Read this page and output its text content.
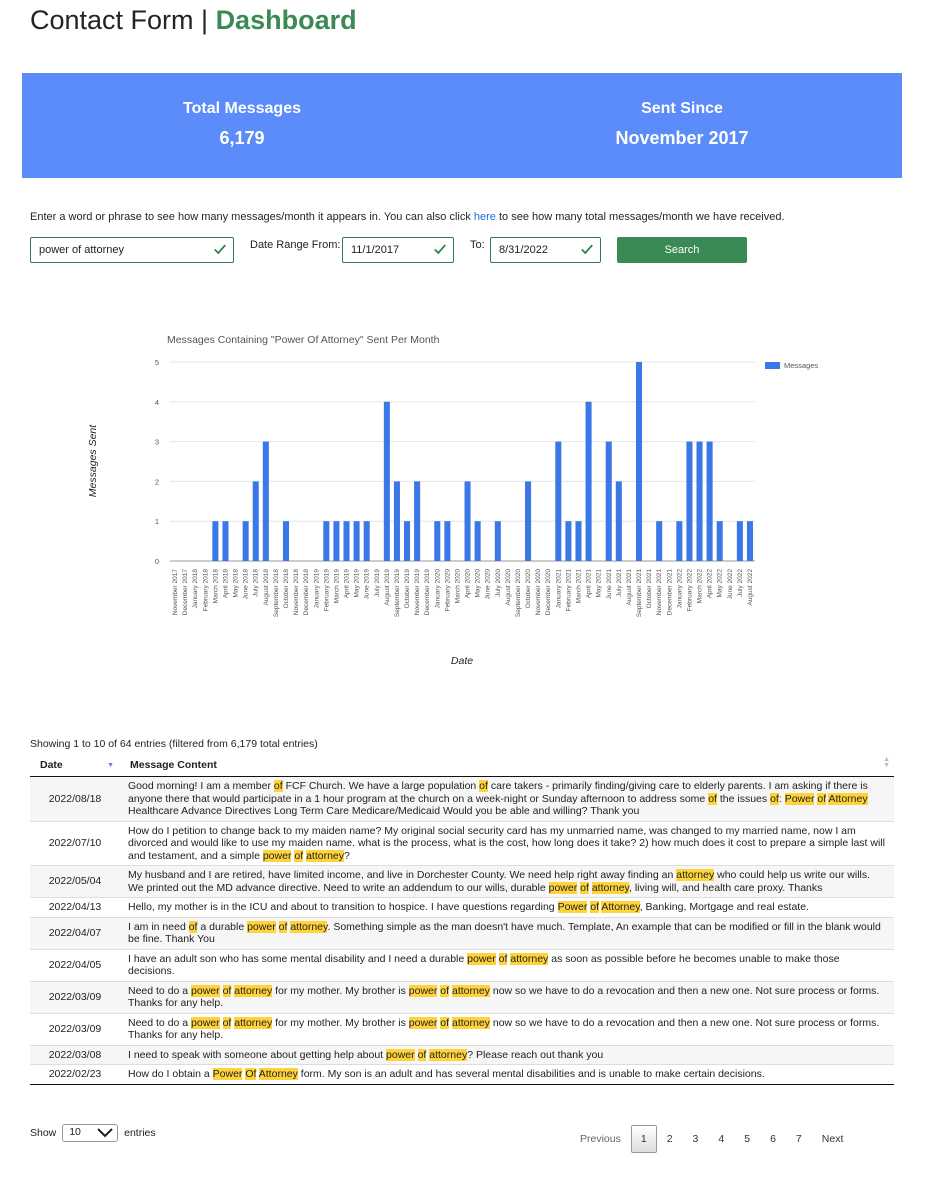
Contact Form | Dashboard
Total Messages
6,179
Sent Since
November 2017

Enter a word or phrase to see how many messages/month it appears in. You can also click here to see how many total messages/month we have received.

power of attorney
Date Range From:
11/1/2017	To:
8/31/2022	Search
Messages Containing "Power Of Attorney" Sent Per Month
0
1
2
3
4
5
November 2017 December 2017 January 2018 February 2018 March 2018 April 2018 May 2018 June 2018 July 2018 August 2018 September 2018 October 2018 November 2018 December 2018 January 2019 February 2019 March 2019 April 2019 May 2019 June 2019 July 2019 August 2019 September 2019 October 2019 November 2019 December 2019 January 2020 February 2020 March 2020 April 2020 May 2020 June 2020 July 2020 August 2020 September 2020 October 2020 November 2020 December 2020 January 2021 February 2021 March 2021 April 2021 May 2021 June 2021 July 2021 August 2021 September 2021 October 2021 November 2021 December 2021 January 2022 February 2022 March 2022 April 2022 May 2022 June 2022 July 2022 August 2022
Messages Sent
Date
Messages
Showing 1 to 10 of 64 entries (filtered from 6,179 total entries)
Date ▼	Message Content ▲
▼

2022/08/18	Good morning! I am a member of FCF Church. We have a large population of care takers - primarily finding/giving care to elderly parents. I am asking if there is anyone there that would participate in a 1 hour program at the church on a week-night or Sunday afternoon to address some of the issues of: Power of Attorney Healthcare Advance Directives Long Term Care Medicare/Medicaid Would you be able and willing? Thank you
2022/07/10	How do I petition to change back to my maiden name? My original social security card has my unmarried name, was changed to my married name, now I am divorced and would like to use my maiden name. what is the process, what is the cost, how long does it take? 2) how much does it cost to prepare a simple last will and testament, and a simple power of attorney?
2022/05/04	My husband and I are retired, have limited income, and live in Dorchester County. We need help right away finding an attorney who could help us write our wills. We printed out the MD advance directive. Need to write an addendum to our wills, durable power of attorney, living will, and health care proxy. Thanks
2022/04/13	Hello, my mother is in the ICU and about to transition to hospice. I have questions regarding Power of Attorney, Banking, Mortgage and real estate.
2022/04/07	I am in need of a durable power of attorney. Something simple as the man doesn't have much. Template, An example that can be modified or fill in the blank would be fine. Thank You
2022/04/05	I have an adult son who has some mental disability and I need a durable power of attorney as soon as possible before he becomes unable to make those decisions.
2022/03/09	Need to do a power of attorney for my mother. My brother is power of attorney now so we have to do a revocation and then a new one. Not sure process or forms. Thanks for any help.
2022/03/09	Need to do a power of attorney for my mother. My brother is power of attorney now so we have to do a revocation and then a new one. Not sure process or forms. Thanks for any help.
2022/03/08	I need to speak with someone about getting help about power of attorney? Please reach out thank you
2022/02/23	How do I obtain a Power Of Attorney form. My son is an adult and has several mental disabilities and is unable to make certain decisions.
Show 10	entries
Previous	1	2	3	4	5	6	7	Next
